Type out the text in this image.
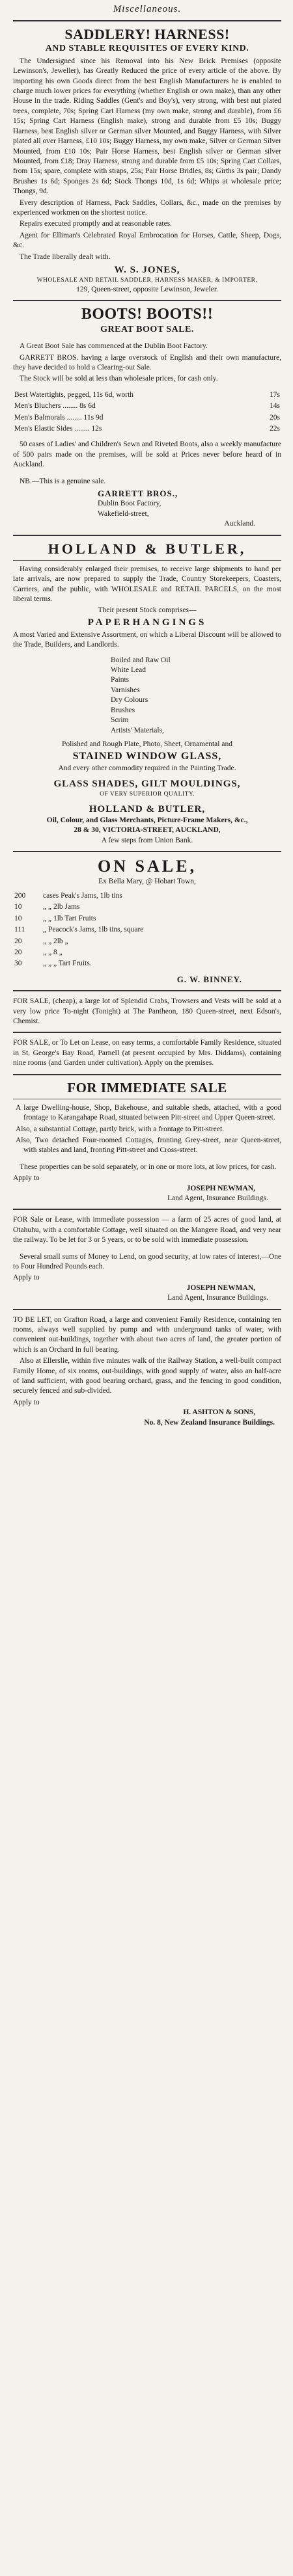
Miscellaneous.
SADDLERY! HARNESS!
AND STABLE REQUISITES OF EVERY KIND.

The Undersigned since his Removal into his New Brick Premises (opposite Lewinson's, Jeweller), has Greatly Reduced the price of every article of the above. By importing his own Goods direct from the best English Manufacturers he is enabled to charge much lower prices for everything (whether English or own make), than any other House in the trade. Riding Saddles (Gent's and Boy's), very strong, with best nut plated trees, complete, 70s; Spring Cart Harness (my own make, strong and durable), from £6 15s; Spring Cart Harness (English make), strong and durable from £5 10s; Buggy Harness, best English silver or German silver Mounted, and Buggy Harness, with Silver plated all over Harness, £10 10s; Buggy Harness, my own make, Silver or German Silver Mounted, from £10 10s; Pair Horse Harness, best English silver or German silver Mounted, from £18; Dray Harness, strong and durable from £5 10s; Spring Cart Collars, from 15s; spare, complete with straps, 25s; Pair Horse Bridles, 8s; Girths 3s pair; Dandy Brushes 1s 6d; Sponges 2s 6d; Stock Thongs 10d, 1s 6d; Whips at wholesale price; Thongs, 9d.

Every description of Harness, Pack Saddles, Collars, &c., made on the premises by experienced workmen on the shortest notice.

Repairs executed promptly and at reasonable rates.

Agent for Elliman's Celebrated Royal Embrocation for Horses, Cattle, Sheep, Dogs, &c.

The Trade liberally dealt with.

W. S. JONES,
WHOLESALE AND RETAIL SADDLER, HARNESS MAKER, & IMPORTER,
129, Queen-street, opposite Lewinson, Jeweler.
BOOTS! BOOTS!!
GREAT BOOT SALE.

A Great Boot Sale has commenced at the Dublin Boot Factory.

GARRETT BROS. having a large overstock of English and their own manufacture, they have decided to hold a Clearing-out Sale.

The Stock will be sold at less than wholesale prices, for cash only.

Best Watertights, pegged, 11s 6d, worth	17s
Men's Bluchers ........ 8s 6d	14s
Men's Balmorals ........ 11s 9d	20s
Men's Elastic Sides ........ 12s	22s

50 cases of Ladies' and Children's Sewn and Riveted Boots, also a weekly manufacture of 500 pairs made on the premises, will be sold at Prices never before heard of in Auckland.

NB.—This is a genuine sale.

GARRETT BROS.,
Dublin Boot Factory,
Wakefield-street,
Auckland.
HOLLAND & BUTLER,

Having considerably enlarged their premises, to receive large shipments to hand per late arrivals, are now prepared to supply the Trade, Country Storekeepers, Coasters, Carriers, and the public, with WHOLESALE and RETAIL PARCELS, on the most liberal terms.

Their present Stock comprises—
PAPERHANGINGS

A most Varied and Extensive Assortment, on which a Liberal Discount will be allowed to the Trade, Builders, and Landlords.

Boiled and Raw Oil
White Lead
Paints
Varnishes
Dry Colours
Brushes
Scrim
Artists' Materials,
Polished and Rough Plate, Photo, Sheet, Ornamental and
STAINED WINDOW GLASS,
And every other commodity required in the Painting Trade.
GLASS SHADES, GILT MOULDINGS,
OF VERY SUPERIOR QUALITY.
HOLLAND & BUTLER,
Oil, Colour, and Glass Merchants, Picture-Frame Makers, &c.,
28 & 30, VICTORIA-STREET, AUCKLAND,
A few steps from Union Bank.
ON SALE,
Ex Bella Mary, @ Hobart Town,
200	cases Peak's Jams, 1lb tins
10	„ „ 2lb Jams
10	„ „ 1lb Tart Fruits
111	„ Peacock's Jams, 1lb tins, square
20	„ „ 2lb „
20	„ „ 8 „
30	„ „ „ Tart Fruits.
G. W. BINNEY.

FOR SALE, (cheap), a large lot of Splendid Crabs, Trowsers and Vests will be sold at a very low price To-night (Tonight) at The Pantheon, 180 Queen-street, next Edson's, Chemist.

FOR SALE, or To Let on Lease, on easy terms, a comfortable Family Residence, situated in St. George's Bay Road, Parnell (at present occupied by Mrs. Diddams), containing nine rooms (and Garden under cultivation). Apply on the premises.

FOR IMMEDIATE SALE
A large Dwelling-house, Shop, Bakehouse, and suitable sheds, attached, with a good frontage to Karangahape Road, situated between Pitt-street and Upper Queen-street.
Also, a substantial Cottage, partly brick, with a frontage to Pitt-street.
Also, Two detached Four-roomed Cottages, fronting Grey-street, near Queen-street, with stables and land, fronting Pitt-street and Cross-street.

These properties can be sold separately, or in one or more lots, at low prices, for cash.

Apply to
JOSEPH NEWMAN,
Land Agent, Insurance Buildings.

FOR Sale or Lease, with immediate possession — a farm of 25 acres of good land, at Otahuhu, with a comfortable Cottage, well situated on the Mangere Road, and very near the railway. To be let for 3 or 5 years, or to be sold with immediate possession.

Several small sums of Money to Lend, on good security, at low rates of interest,—One to Four Hundred Pounds each.

Apply to
JOSEPH NEWMAN,
Land Agent, Insurance Buildings.

TO BE LET, on Grafton Road, a large and convenient Family Residence, containing ten rooms, always well supplied by pump and with underground tanks of water, with convenient out-buildings, together with about two acres of land, the greater portion of which is an Orchard in full bearing.

Also at Ellerslie, within five minutes walk of the Railway Station, a well-built compact Family Home, of six rooms, out-buildings, with good supply of water, also an half-acre of land sufficient, with good bearing orchard, grass, and the fencing in good condition, securely fenced and sub-divided.

Apply to
H. ASHTON & SONS,
No. 8, New Zealand Insurance Buildings.
